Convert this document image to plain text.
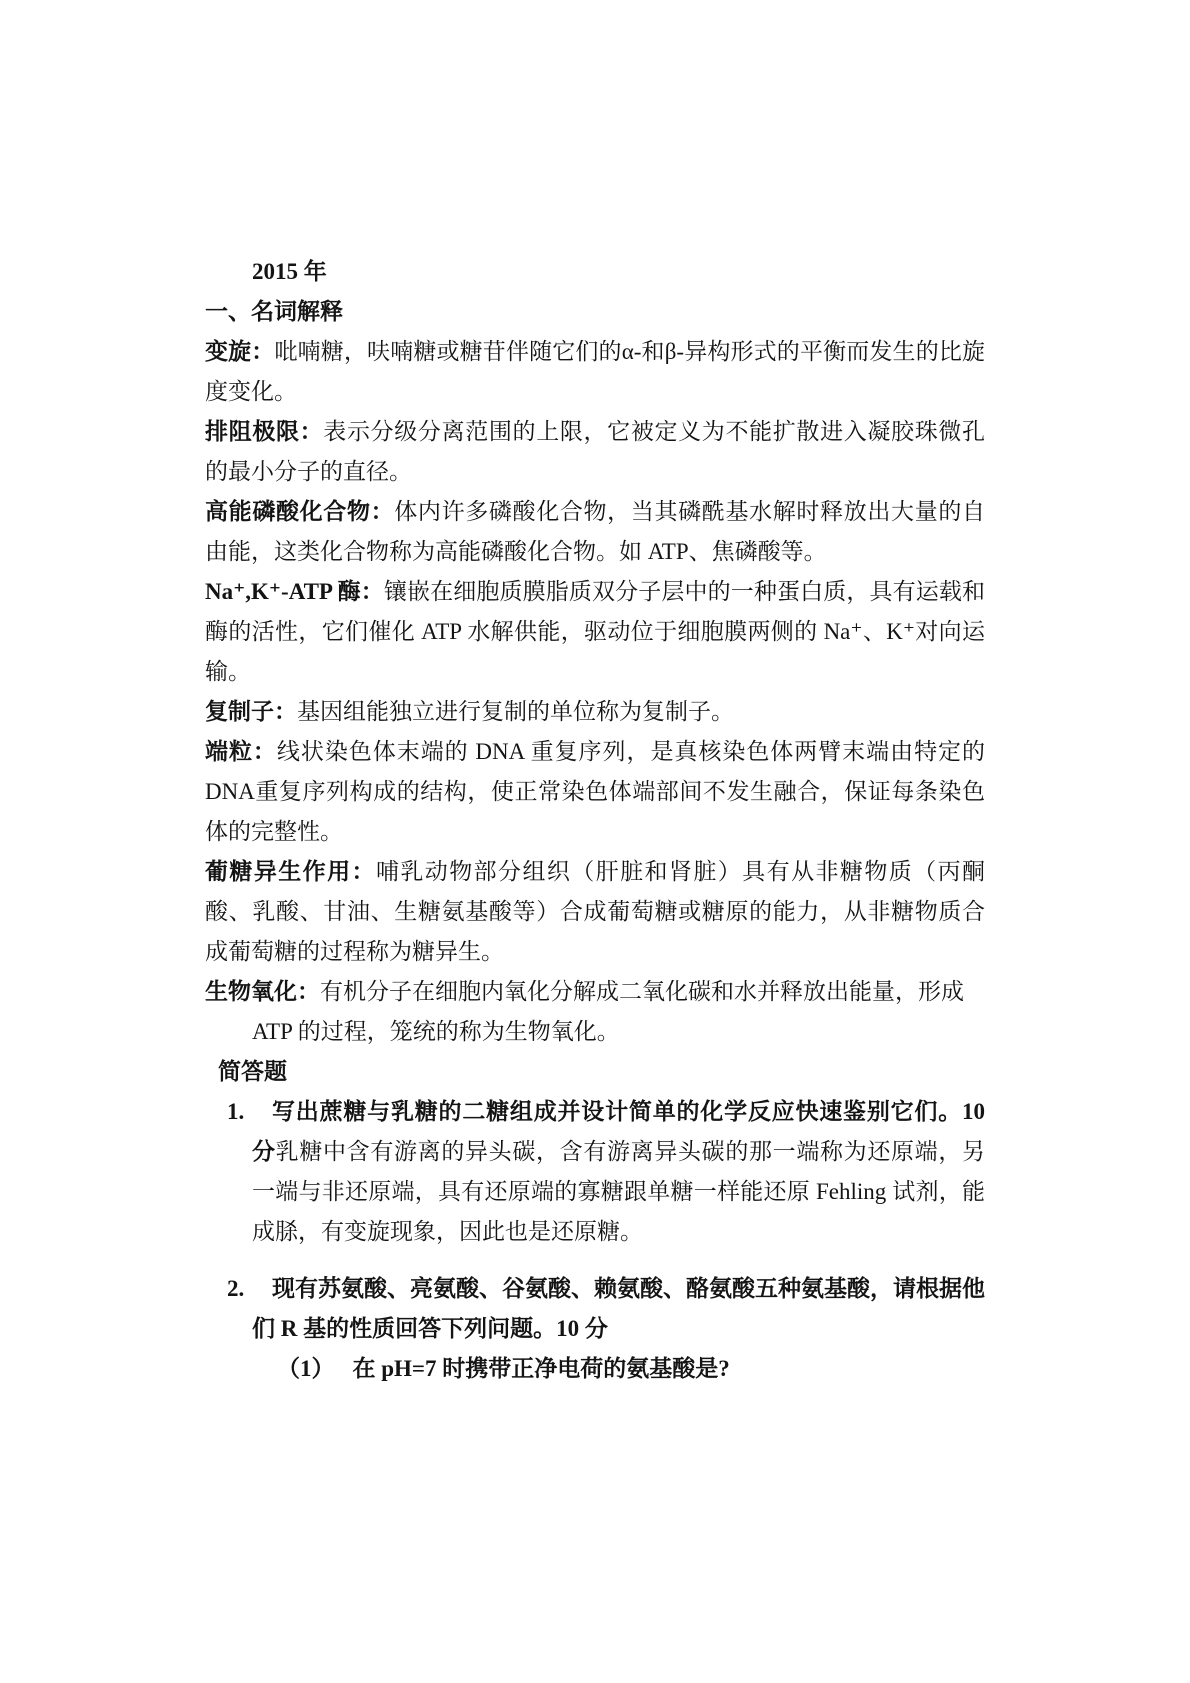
2015 年

一、名词解释

变旋：吡喃糖，呋喃糖或糖苷伴随它们的α-和β-异构形式的平衡而发生的比旋度变化。

排阻极限：表示分级分离范围的上限，它被定义为不能扩散进入凝胶珠微孔的最小分子的直径。

高能磷酸化合物：体内许多磷酸化合物，当其磷酰基水解时释放出大量的自由能，这类化合物称为高能磷酸化合物。如 ATP、焦磷酸等。

Na⁺,K⁺-ATP 酶：镶嵌在细胞质膜脂质双分子层中的一种蛋白质，具有运载和酶的活性，它们催化 ATP 水解供能，驱动位于细胞膜两侧的 Na⁺、K⁺对向运输。

复制子：基因组能独立进行复制的单位称为复制子。

端粒：线状染色体末端的 DNA 重复序列，是真核染色体两臂末端由特定的DNA重复序列构成的结构，使正常染色体端部间不发生融合，保证每条染色体的完整性。

葡糖异生作用：哺乳动物部分组织（肝脏和肾脏）具有从非糖物质（丙酮酸、乳酸、甘油、生糖氨基酸等）合成葡萄糖或糖原的能力，从非糖物质合成葡萄糖的过程称为糖异生。

生物氧化：有机分子在细胞内氧化分解成二氧化碳和水并释放出能量，形成

ATP 的过程，笼统的称为生物氧化。

简答题

1. 写出蔗糖与乳糖的二糖组成并设计简单的化学反应快速鉴别它们。10 分乳糖中含有游离的异头碳，含有游离异头碳的那一端称为还原端，另一端与非还原端，具有还原端的寡糖跟单糖一样能还原 Fehling 试剂，能成脎，有变旋现象，因此也是还原糖。
2. 现有苏氨酸、亮氨酸、谷氨酸、赖氨酸、酪氨酸五种氨基酸，请根据他们 R 基的性质回答下列问题。10 分

（1） 在 pH=7 时携带正净电荷的氨基酸是?
